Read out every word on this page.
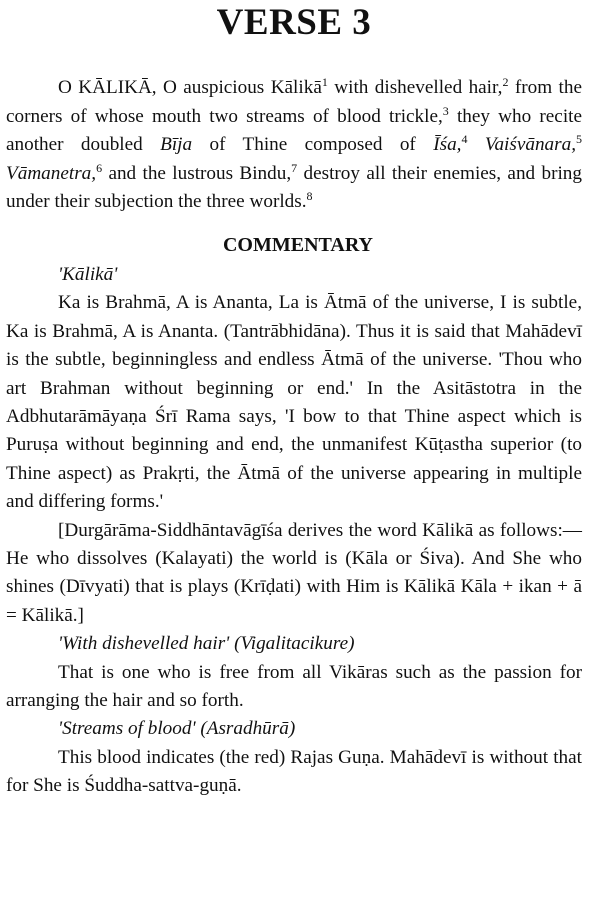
VERSE 3

O KĀLIKĀ, O auspicious Kālikā$^1$ with dishevelled hair,$^2$ from the corners of whose mouth two streams of blood trickle,$^3$ they who recite another doubled Bīja of Thine composed of Īśa,$^4$ Vaiśvānara,$^5$ Vāmanetra,$^6$ and the lustrous Bindu,$^7$ destroy all their enemies, and bring under their subjection the three worlds.$^8$

COMMENTARY

'Kālikā'

Ka is Brahmā, A is Ananta, La is Ātmā of the universe, I is subtle, Ka is Brahmā, A is Ananta. (Tantrābhidāna). Thus it is said that Mahādevī is the subtle, beginningless and endless Ātmā of the universe. 'Thou who art Brahman without beginning or end.' In the Asitāstotra in the Adbhutarāmāyaṇa Śrī Rama says, 'I bow to that Thine aspect which is Puruṣa without beginning and end, the unmanifest Kūṭastha superior (to Thine aspect) as Prakṛti, the Ātmā of the universe appearing in multiple and differing forms.'

[Durgārāma-Siddhāntavāgīśa derives the word Kālikā as follows:—He who dissolves (Kalayati) the world is (Kāla or Śiva). And She who shines (Dīvyati) that is plays (Krīḍati) with Him is Kālikā Kāla + ikan + ā = Kālikā.]

'With dishevelled hair' (Vigalitacikure)

That is one who is free from all Vikāras such as the passion for arranging the hair and so forth.

'Streams of blood' (Asradhūrā)

This blood indicates (the red) Rajas Guṇa. Mahādevī is without that for She is Śuddha-sattva-guṇā.
